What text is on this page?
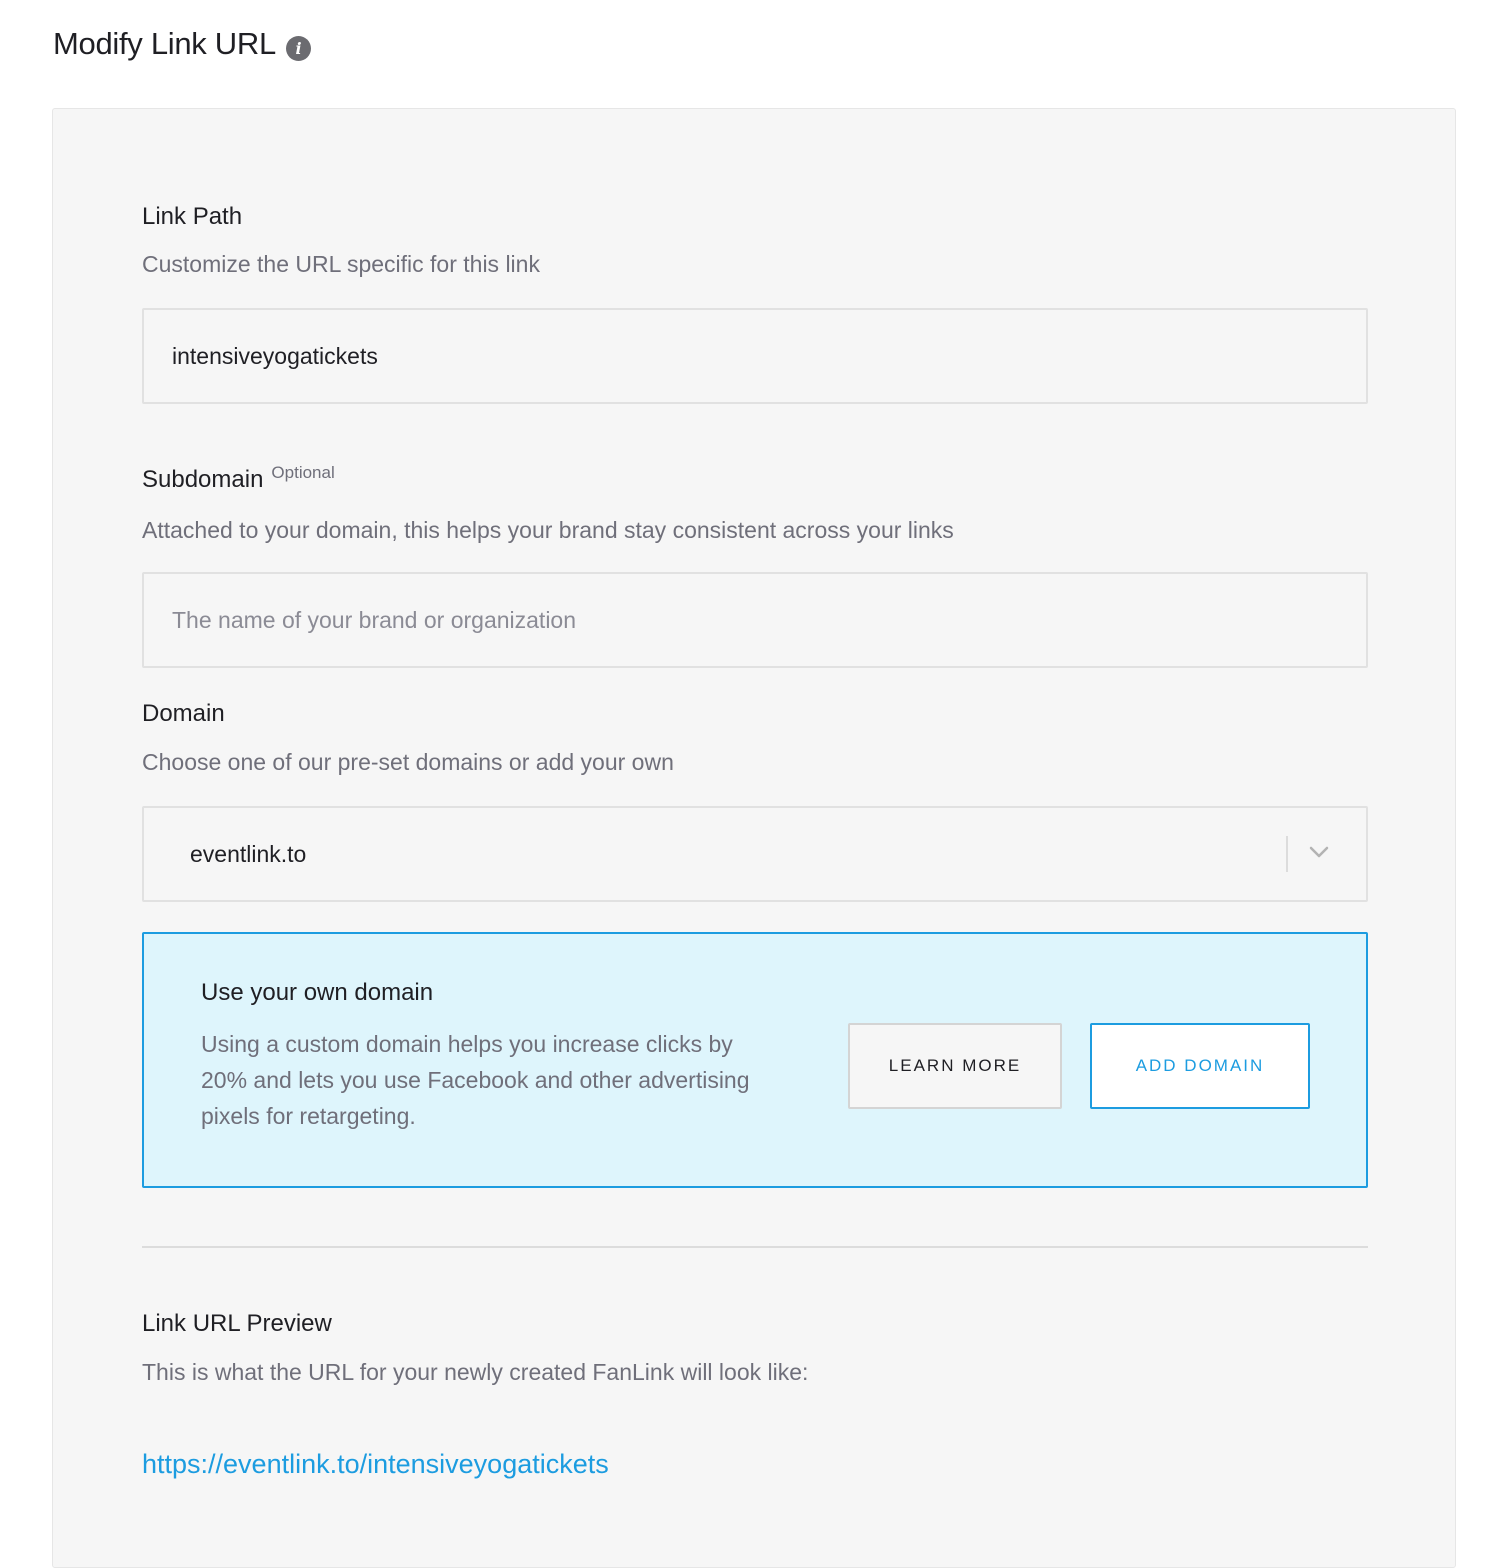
Modify Link URL	i
Link Path
Customize the URL specific for this link
intensiveyogatickets
Subdomain $^{Optional}$
Attached to your domain, this helps your brand stay consistent across your links
The name of your brand or organization
Domain
Choose one of our pre-set domains or add your own
eventlink.to
Use your own domain
Using a custom domain helps you increase clicks by 20% and lets you use Facebook and other advertising pixels for retargeting.
LEARN MORE	ADD DOMAIN
Link URL Preview
This is what the URL for your newly created FanLink will look like:
https://eventlink.to/intensiveyogatickets
